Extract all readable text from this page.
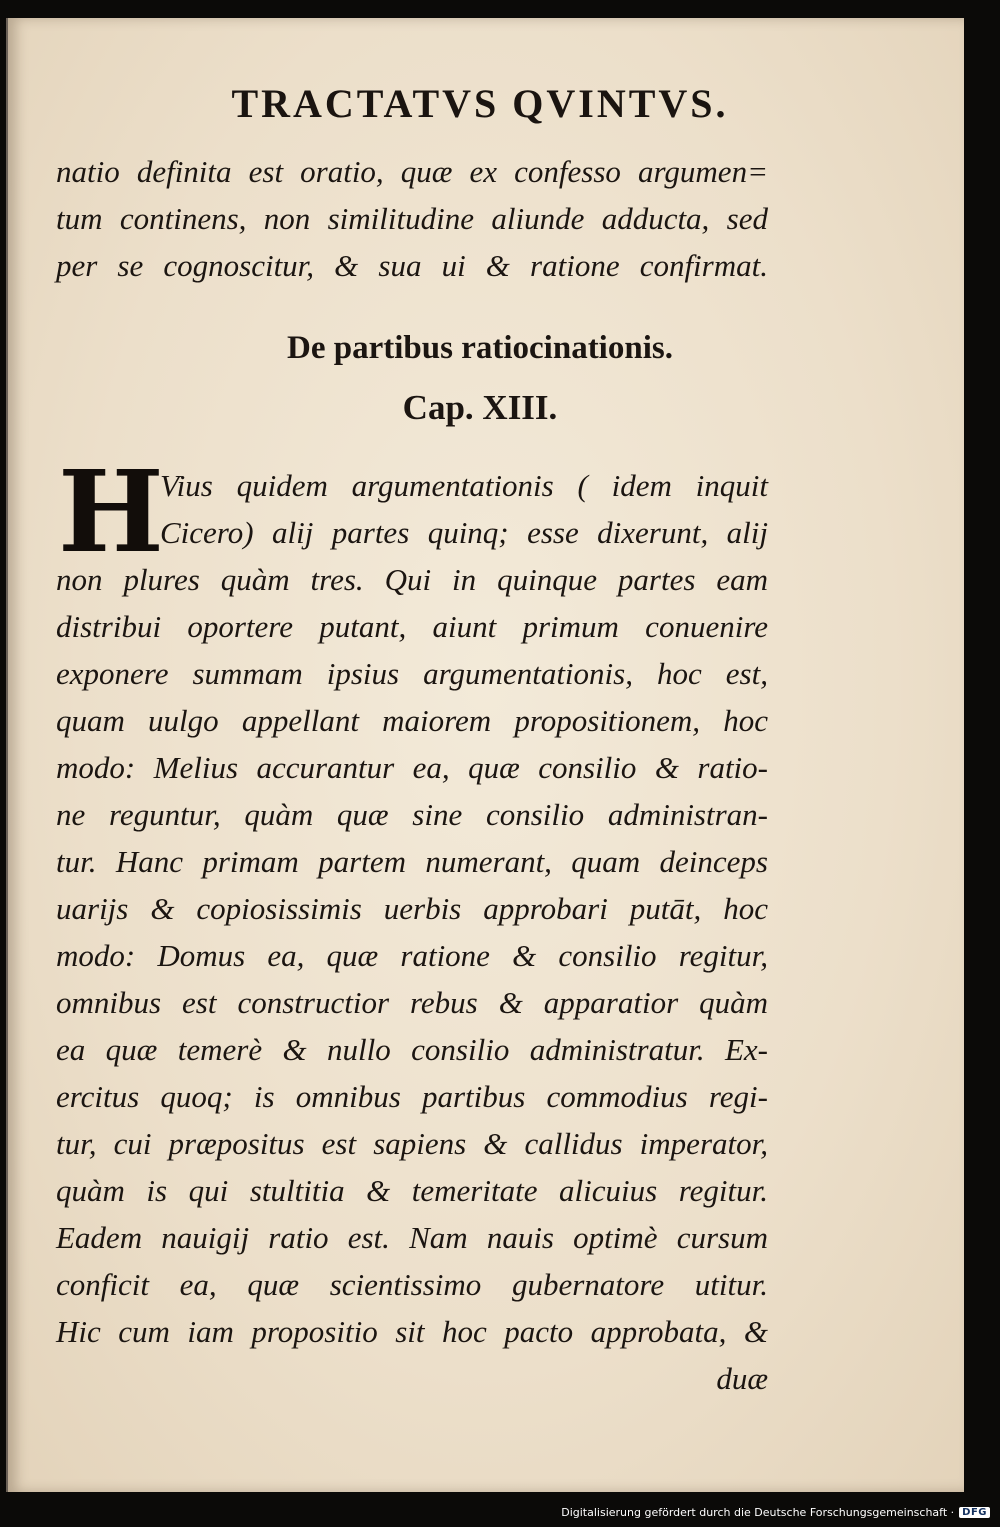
TRACTATVS QVINTVS.
natio definita est oratio, quæ ex confesso argumen=
tum continens, non similitudine aliunde adducta, sed
per se cognoscitur, & sua ui & ratione confirmat.
De partibus ratiocinationis.
Cap. XIII.
H
Vius quidem argumentationis ( idem inquit
Cicero) alij partes quinq; esse dixerunt, alij
non plures quàm tres. Qui in quinque partes eam
distribui oportere putant, aiunt primum conuenire
exponere summam ipsius argumentationis, hoc est,
quam uulgo appellant maiorem propositionem, hoc
modo: Melius accurantur ea, quæ consilio & ratio-
ne reguntur, quàm quæ sine consilio administran-
tur. Hanc primam partem numerant, quam deinceps
uarijs & copiosissimis uerbis approbari putāt, hoc
modo: Domus ea, quæ ratione & consilio regitur,
omnibus est constructior rebus & apparatior quàm
ea quæ temerè & nullo consilio administratur. Ex-
ercitus quoq; is omnibus partibus commodius regi-
tur, cui præpositus est sapiens & callidus imperator,
quàm is qui stultitia & temeritate alicuius regitur.
Eadem nauigij ratio est. Nam nauis optimè cursum
conficit ea, quæ scientissimo gubernatore utitur.
Hic cum iam propositio sit hoc pacto approbata, &
duæ
Digitalisierung gefördert durch die Deutsche Forschungsgemeinschaft · DFG
